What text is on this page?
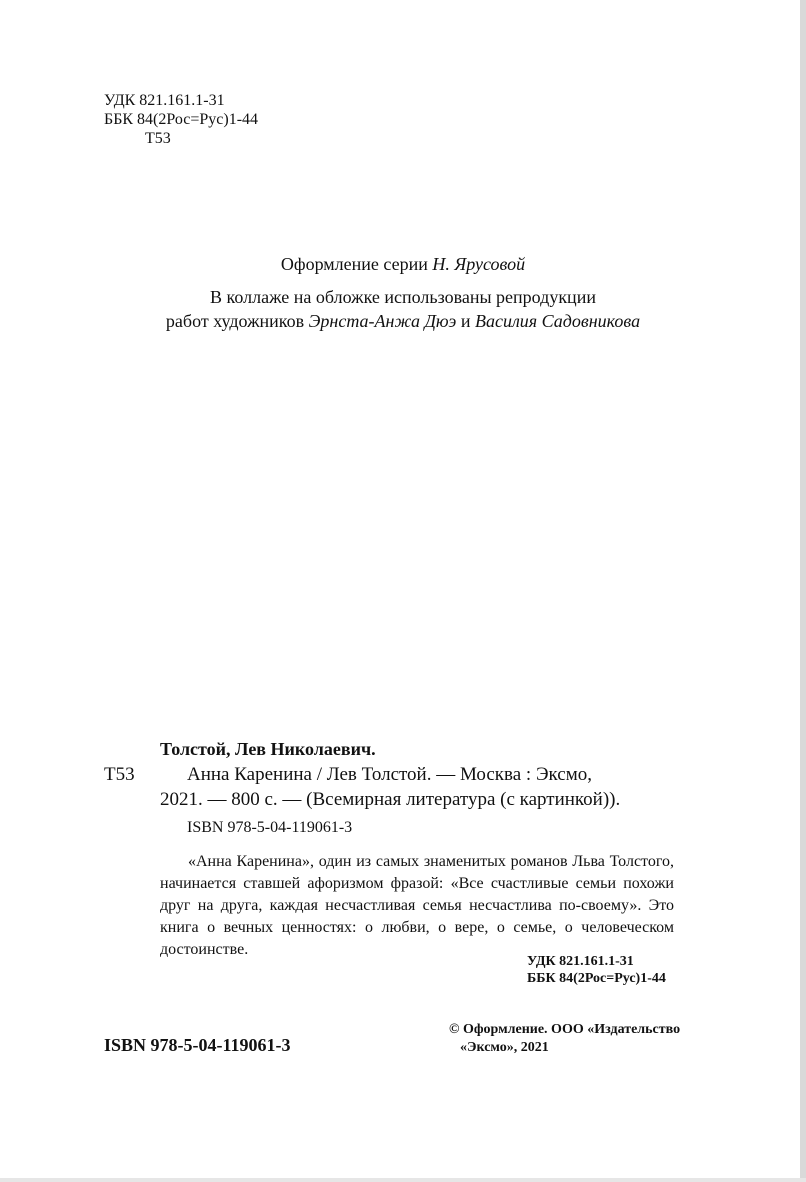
УДК 821.161.1-31
ББК 84(2Рос=Рус)1-44
Т53
Оформление серии Н. Ярусовой
В коллаже на обложке использованы репродукции
работ художников Эрнста-Анжа Дюэ и Василия Садовникова
Толстой, Лев Николаевич.
Т53	Анна Каренина / Лев Толстой. — Москва : Эксмо,
2021. — 800 с. — (Всемирная литература (с картинкой)).
ISBN 978-5-04-119061-3

«Анна Каренина», один из самых знаменитых романов Льва Толстого, начинается ставшей афоризмом фразой: «Все счастливые семьи похожи друг на друга, каждая несчастливая семья несчастлива по-своему». Это книга о вечных ценностях: о любви, о вере, о семье, о человеческом достоинстве.

УДК 821.161.1-31
ББК 84(2Рос=Рус)1-44
ISBN 978-5-04-119061-3
© Оформление. ООО «Издательство
«Эксмо», 2021
